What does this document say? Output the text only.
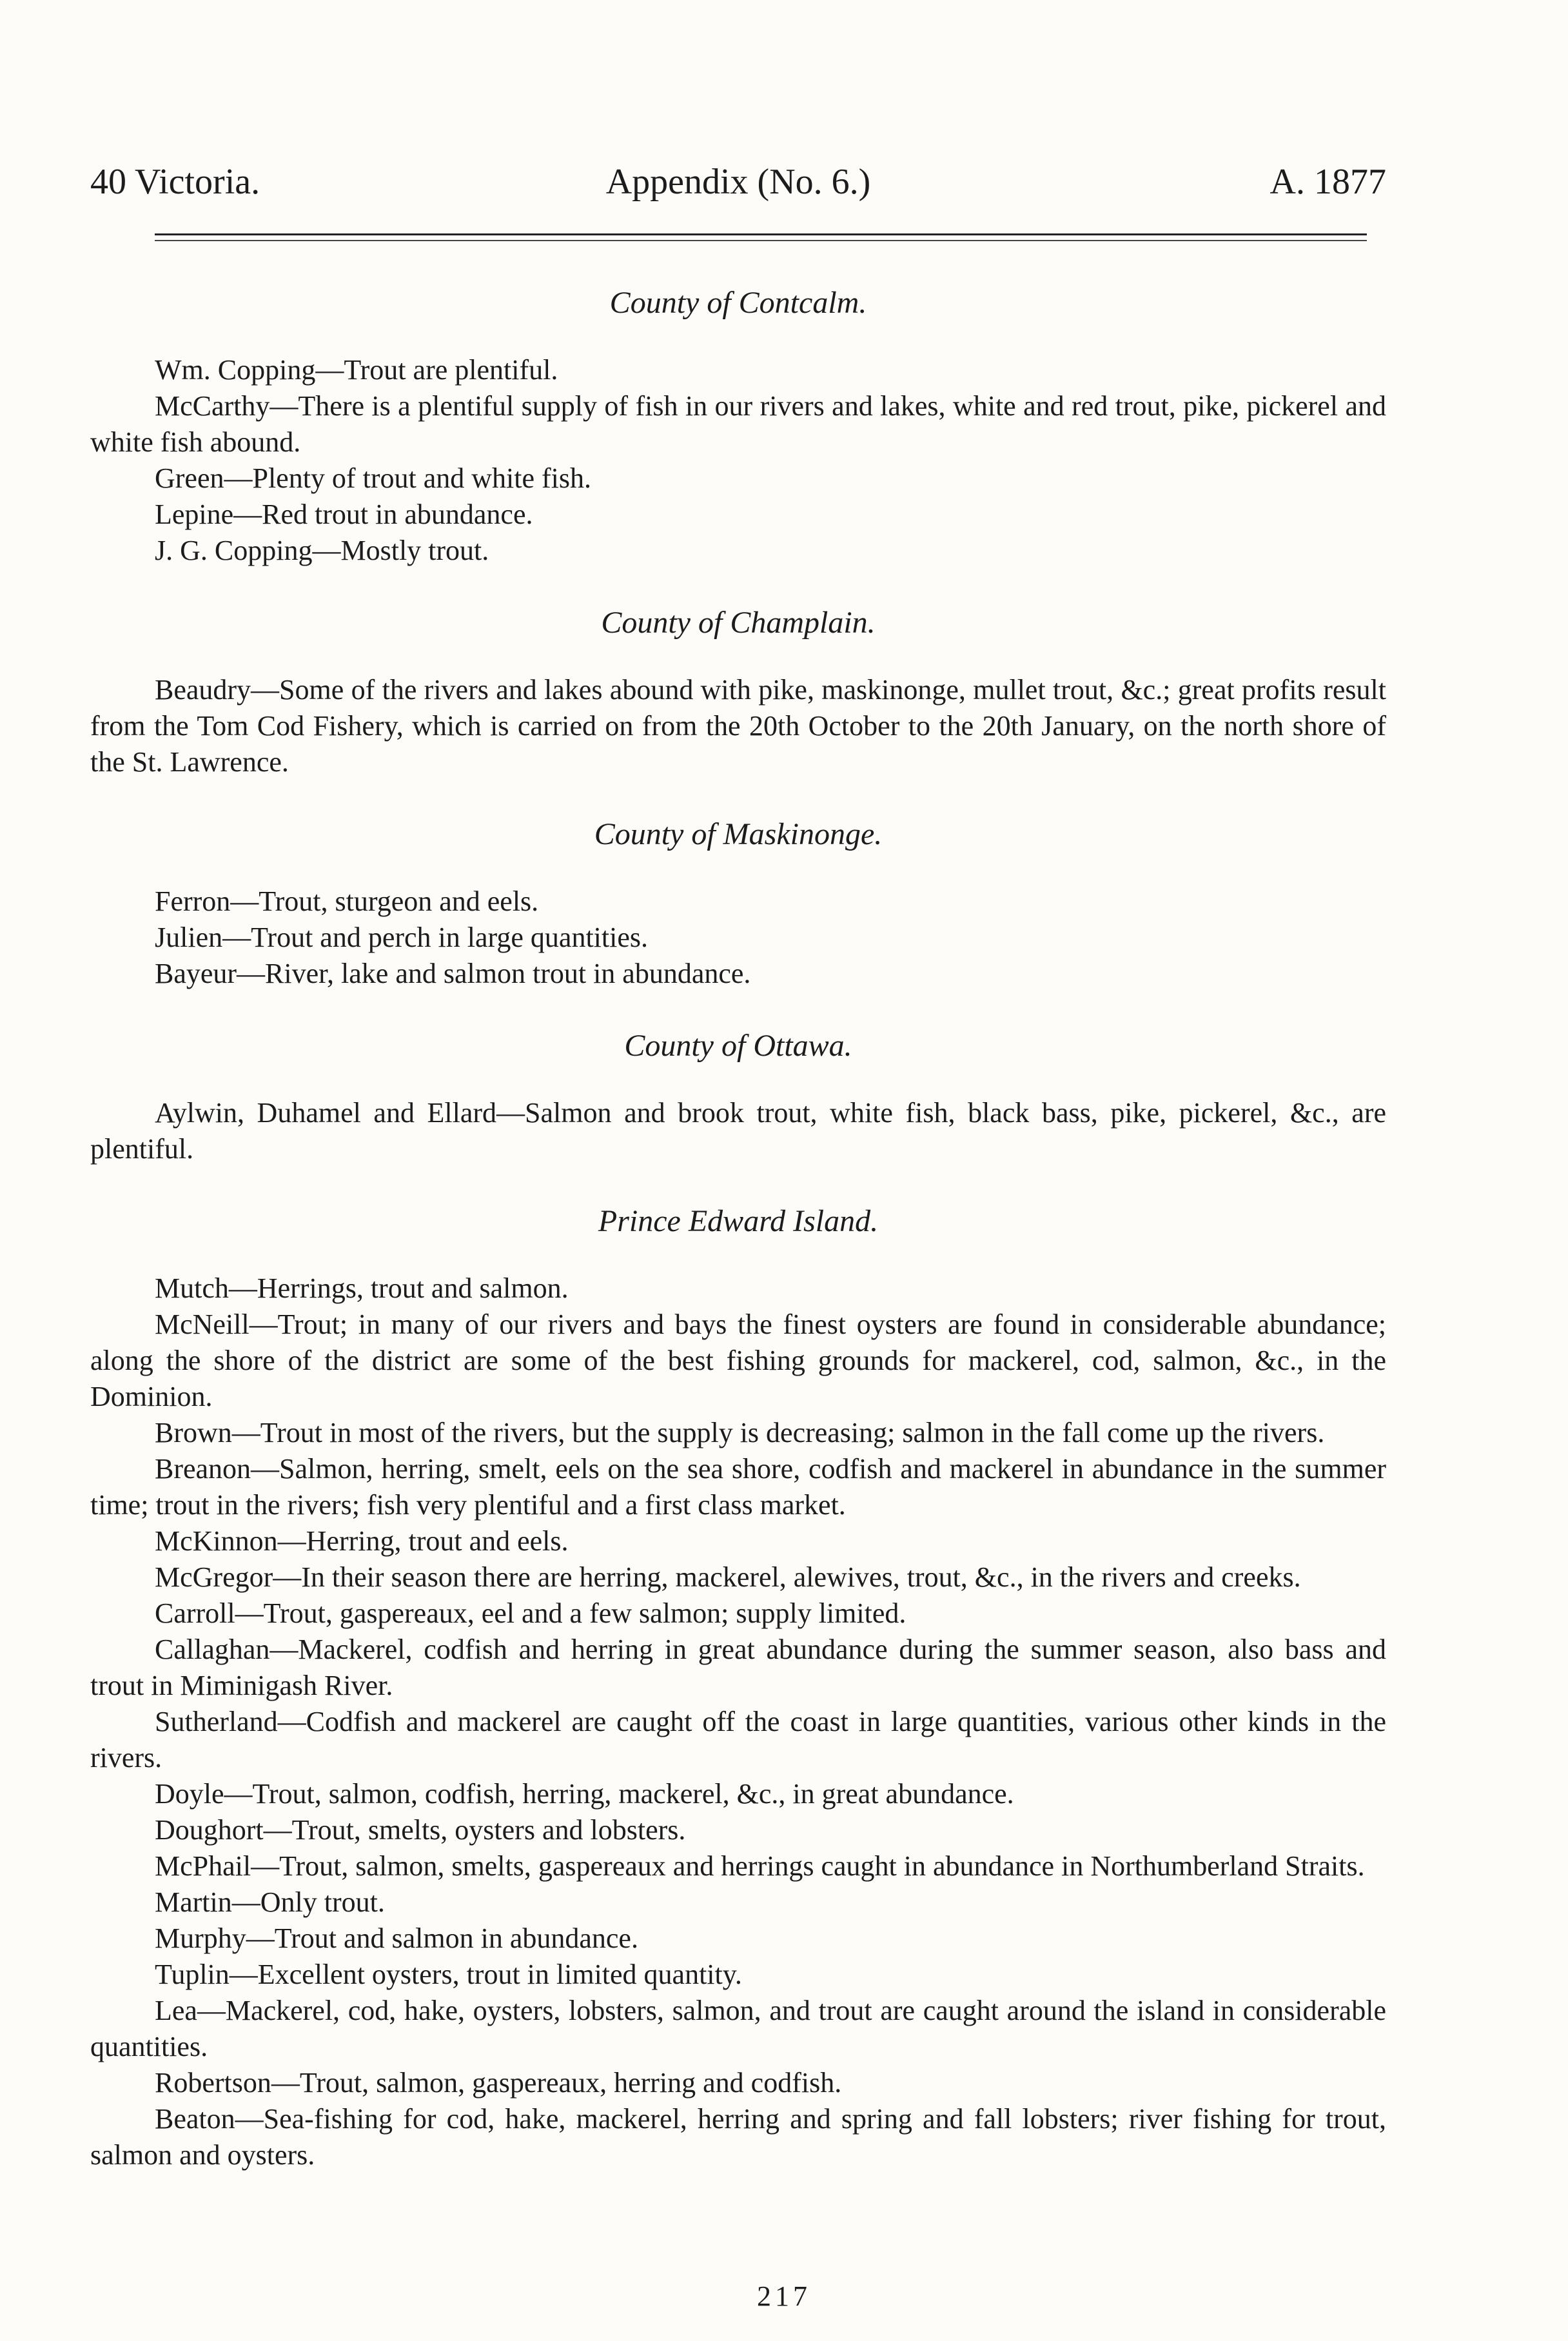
40 Victoria.	Appendix (No. 6.)	A. 1877
County of Contcalm.

Wm. Copping—Trout are plentiful.

McCarthy—There is a plentiful supply of fish in our rivers and lakes, white and red trout, pike, pickerel and white fish abound.

Green—Plenty of trout and white fish.

Lepine—Red trout in abundance.

J. G. Copping—Mostly trout.

County of Champlain.

Beaudry—Some of the rivers and lakes abound with pike, maskinonge, mullet trout, &c.; great profits result from the Tom Cod Fishery, which is carried on from the 20th October to the 20th January, on the north shore of the St. Lawrence.

County of Maskinonge.

Ferron—Trout, sturgeon and eels.

Julien—Trout and perch in large quantities.

Bayeur—River, lake and salmon trout in abundance.

County of Ottawa.

Aylwin, Duhamel and Ellard—Salmon and brook trout, white fish, black bass, pike, pickerel, &c., are plentiful.

Prince Edward Island.

Mutch—Herrings, trout and salmon.

McNeill—Trout; in many of our rivers and bays the finest oysters are found in considerable abundance; along the shore of the district are some of the best fishing grounds for mackerel, cod, salmon, &c., in the Dominion.

Brown—Trout in most of the rivers, but the supply is decreasing; salmon in the fall come up the rivers.

Breanon—Salmon, herring, smelt, eels on the sea shore, codfish and mackerel in abundance in the summer time; trout in the rivers; fish very plentiful and a first class market.

McKinnon—Herring, trout and eels.

McGregor—In their season there are herring, mackerel, alewives, trout, &c., in the rivers and creeks.

Carroll—Trout, gaspereaux, eel and a few salmon; supply limited.

Callaghan—Mackerel, codfish and herring in great abundance during the summer season, also bass and trout in Miminigash River.

Sutherland—Codfish and mackerel are caught off the coast in large quantities, various other kinds in the rivers.

Doyle—Trout, salmon, codfish, herring, mackerel, &c., in great abundance.

Doughort—Trout, smelts, oysters and lobsters.

McPhail—Trout, salmon, smelts, gaspereaux and herrings caught in abundance in Northumberland Straits.

Martin—Only trout.

Murphy—Trout and salmon in abundance.

Tuplin—Excellent oysters, trout in limited quantity.

Lea—Mackerel, cod, hake, oysters, lobsters, salmon, and trout are caught around the island in considerable quantities.

Robertson—Trout, salmon, gaspereaux, herring and codfish.

Beaton—Sea-fishing for cod, hake, mackerel, herring and spring and fall lobsters; river fishing for trout, salmon and oysters.

217
